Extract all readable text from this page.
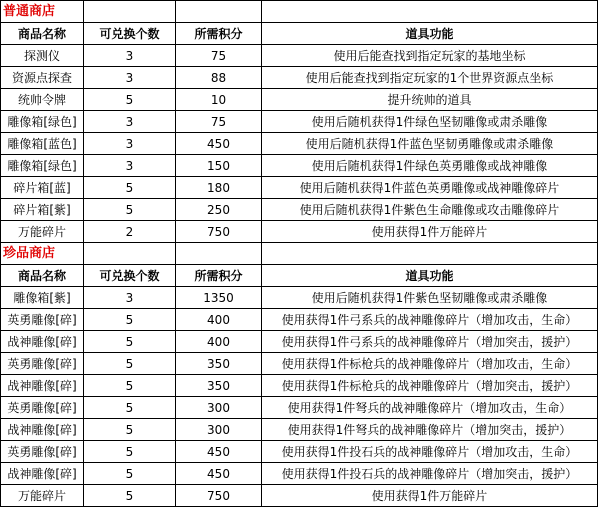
普通商店			
商品名称	可兑换个数	所需积分	道具功能
探测仪	3	75	使用后能查找到指定玩家的基地坐标
资源点探查	3	88	使用后能查找到指定玩家的1个世界资源点坐标
统帅令牌	5	10	提升统帅的道具
雕像箱[绿色]	3	75	使用后随机获得1件绿色坚韧雕像或肃杀雕像
雕像箱[蓝色]	3	450	使用后随机获得1件蓝色坚韧勇雕像或肃杀雕像
雕像箱[绿色]	3	150	使用后随机获得1件绿色英勇雕像或战神雕像
碎片箱[蓝]	5	180	使用后随机获得1件蓝色英勇雕像或战神雕像碎片
碎片箱[紫]	5	250	使用后随机获得1件紫色生命雕像或攻击雕像碎片
万能碎片	2	750	使用获得1件万能碎片
珍品商店			
商品名称	可兑换个数	所需积分	道具功能
雕像箱[紫]	3	1350	使用后随机获得1件紫色坚韧雕像或肃杀雕像
英勇雕像[碎]	5	400	使用获得1件弓系兵的战神雕像碎片（增加攻击，生命）
战神雕像[碎]	5	400	使用获得1件弓系兵的战神雕像碎片（增加突击，援护）
英勇雕像[碎]	5	350	使用获得1件标枪兵的战神雕像碎片（增加攻击，生命）
战神雕像[碎]	5	350	使用获得1件标枪兵的战神雕像碎片（增加突击，援护）
英勇雕像[碎]	5	300	使用获得1件弩兵的战神雕像碎片（增加攻击，生命）
战神雕像[碎]	5	300	使用获得1件弩兵的战神雕像碎片（增加突击，援护）
英勇雕像[碎]	5	450	使用获得1件投石兵的战神雕像碎片（增加攻击，生命）
战神雕像[碎]	5	450	使用获得1件投石兵的战神雕像碎片（增加突击，援护）
万能碎片	5	750	使用获得1件万能碎片
